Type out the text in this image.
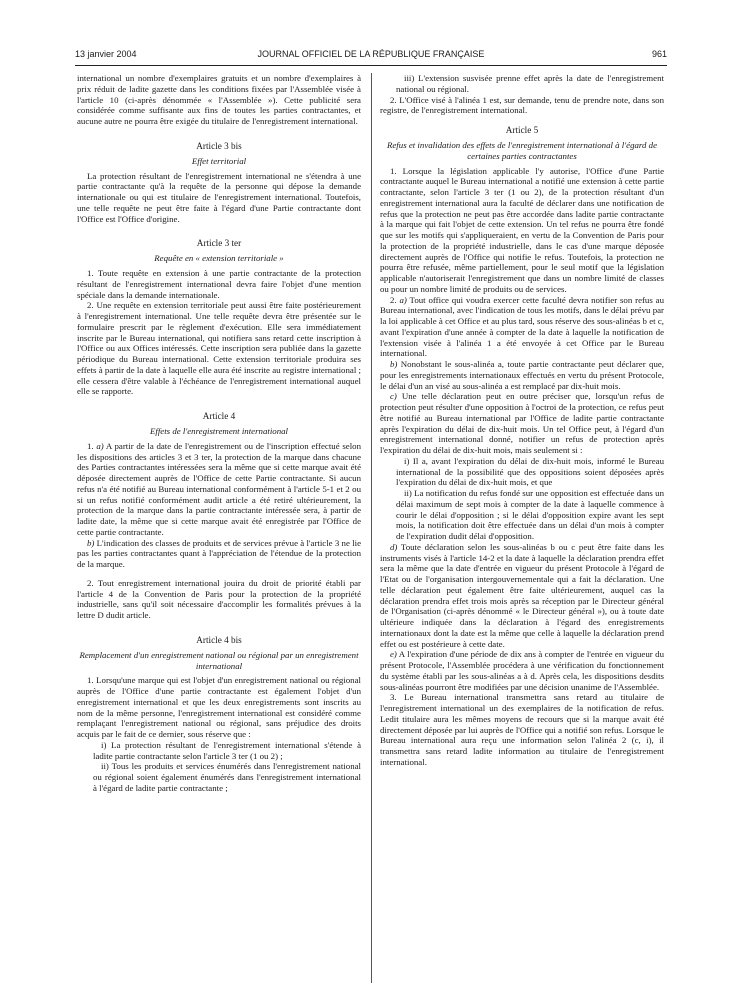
13 janvier 2004	JOURNAL OFFICIEL DE LA RÉPUBLIQUE FRANÇAISE	961

international un nombre d'exemplaires gratuits et un nombre d'exemplaires à prix réduit de ladite gazette dans les conditions fixées par l'Assemblée visée à l'article 10 (ci-après dénommée « l'Assemblée »). Cette publicité sera considérée comme suffisante aux fins de toutes les parties contractantes, et aucune autre ne pourra être exigée du titulaire de l'enregistrement international.

Article 3 bis
Effet territorial

La protection résultant de l'enregistrement international ne s'étendra à une partie contractante qu'à la requête de la personne qui dépose la demande internationale ou qui est titulaire de l'enregistrement international. Toutefois, une telle requête ne peut être faite à l'égard d'une Partie contractante dont l'Office est l'Office d'origine.

Article 3 ter
Requête en « extension territoriale »

1. Toute requête en extension à une partie contractante de la protection résultant de l'enregistrement international devra faire l'objet d'une mention spéciale dans la demande internationale.

2. Une requête en extension territoriale peut aussi être faite postérieurement à l'enregistrement international. Une telle requête devra être présentée sur le formulaire prescrit par le règlement d'exécution. Elle sera immédiatement inscrite par le Bureau international, qui notifiera sans retard cette inscription à l'Office ou aux Offices intéressés. Cette inscription sera publiée dans la gazette périodique du Bureau international. Cette extension territoriale produira ses effets à partir de la date à laquelle elle aura été inscrite au registre international ; elle cessera d'être valable à l'échéance de l'enregistrement international auquel elle se rapporte.

Article 4
Effets de l'enregistrement international

1. a) A partir de la date de l'enregistrement ou de l'inscription effectué selon les dispositions des articles 3 et 3 ter, la protection de la marque dans chacune des Parties contractantes intéressées sera la même que si cette marque avait été déposée directement auprès de l'Office de cette Partie contractante. Si aucun refus n'a été notifié au Bureau international conformément à l'article 5-1 et 2 ou si un refus notifié conformément audit article a été retiré ultérieurement, la protection de la marque dans la partie contractante intéressée sera, à partir de ladite date, la même que si cette marque avait été enregistrée par l'Office de cette partie contractante.

b) L'indication des classes de produits et de services prévue à l'article 3 ne lie pas les parties contractantes quant à l'appréciation de l'étendue de la protection de la marque.

2. Tout enregistrement international jouira du droit de priorité établi par l'article 4 de la Convention de Paris pour la protection de la propriété industrielle, sans qu'il soit nécessaire d'accomplir les formalités prévues à la lettre D dudit article.

Article 4 bis
Remplacement d'un enregistrement national ou régional par un enregistrement international

1. Lorsqu'une marque qui est l'objet d'un enregistrement national ou régional auprès de l'Office d'une partie contractante est également l'objet d'un enregistrement international et que les deux enregistrements sont inscrits au nom de la même personne, l'enregistrement international est considéré comme remplaçant l'enregistrement national ou régional, sans préjudice des droits acquis par le fait de ce dernier, sous réserve que :

i) La protection résultant de l'enregistrement international s'étende à ladite partie contractante selon l'article 3 ter (1 ou 2) ;

ii) Tous les produits et services énumérés dans l'enregistrement national ou régional soient également énumérés dans l'enregistrement international à l'égard de ladite partie contractante ;

iii) L'extension susvisée prenne effet après la date de l'enregistrement national ou régional.

2. L'Office visé à l'alinéa 1 est, sur demande, tenu de prendre note, dans son registre, de l'enregistrement international.

Article 5
Refus et invalidation des effets de l'enregistrement international à l'égard de certaines parties contractantes

1. Lorsque la législation applicable l'y autorise, l'Office d'une Partie contractante auquel le Bureau international a notifié une extension à cette partie contractante, selon l'article 3 ter (1 ou 2), de la protection résultant d'un enregistrement international aura la faculté de déclarer dans une notification de refus que la protection ne peut pas être accordée dans ladite partie contractante à la marque qui fait l'objet de cette extension. Un tel refus ne pourra être fondé que sur les motifs qui s'appliqueraient, en vertu de la Convention de Paris pour la protection de la propriété industrielle, dans le cas d'une marque déposée directement auprès de l'Office qui notifie le refus. Toutefois, la protection ne pourra être refusée, même partiellement, pour le seul motif que la législation applicable n'autoriserait l'enregistrement que dans un nombre limité de classes ou pour un nombre limité de produits ou de services.

2. a) Tout office qui voudra exercer cette faculté devra notifier son refus au Bureau international, avec l'indication de tous les motifs, dans le délai prévu par la loi applicable à cet Office et au plus tard, sous réserve des sous-alinéas b et c, avant l'expiration d'une année à compter de la date à laquelle la notification de l'extension visée à l'alinéa 1 a été envoyée à cet Office par le Bureau international.

b) Nonobstant le sous-alinéa a, toute partie contractante peut déclarer que, pour les enregistrements internationaux effectués en vertu du présent Protocole, le délai d'un an visé au sous-alinéa a est remplacé par dix-huit mois.

c) Une telle déclaration peut en outre préciser que, lorsqu'un refus de protection peut résulter d'une opposition à l'octroi de la protection, ce refus peut être notifié au Bureau international par l'Office de ladite partie contractante après l'expiration du délai de dix-huit mois. Un tel Office peut, à l'égard d'un enregistrement international donné, notifier un refus de protection après l'expiration du délai de dix-huit mois, mais seulement si :

i) Il a, avant l'expiration du délai de dix-huit mois, informé le Bureau international de la possibilité que des oppositions soient déposées après l'expiration du délai de dix-huit mois, et que

ii) La notification du refus fondé sur une opposition est effectuée dans un délai maximum de sept mois à compter de la date à laquelle commence à courir le délai d'opposition ; si le délai d'opposition expire avant les sept mois, la notification doit être effectuée dans un délai d'un mois à compter de l'expiration dudit délai d'opposition.

d) Toute déclaration selon les sous-alinéas b ou c peut être faite dans les instruments visés à l'article 14-2 et la date à laquelle la déclaration prendra effet sera la même que la date d'entrée en vigueur du présent Protocole à l'égard de l'Etat ou de l'organisation intergouvernementale qui a fait la déclaration. Une telle déclaration peut également être faite ultérieurement, auquel cas la déclaration prendra effet trois mois après sa réception par le Directeur général de l'Organisation (ci-après dénommé « le Directeur général »), ou à toute date ultérieure indiquée dans la déclaration à l'égard des enregistrements internationaux dont la date est la même que celle à laquelle la déclaration prend effet ou est postérieure à cette date.

e) A l'expiration d'une période de dix ans à compter de l'entrée en vigueur du présent Protocole, l'Assemblée procédera à une vérification du fonctionnement du système établi par les sous-alinéas a à d. Après cela, les dispositions desdits sous-alinéas pourront être modifiées par une décision unanime de l'Assemblée.

3. Le Bureau international transmettra sans retard au titulaire de l'enregistrement international un des exemplaires de la notification de refus. Ledit titulaire aura les mêmes moyens de recours que si la marque avait été directement déposée par lui auprès de l'Office qui a notifié son refus. Lorsque le Bureau international aura reçu une information selon l'alinéa 2 (c, i), il transmettra sans retard ladite information au titulaire de l'enregistrement international.
